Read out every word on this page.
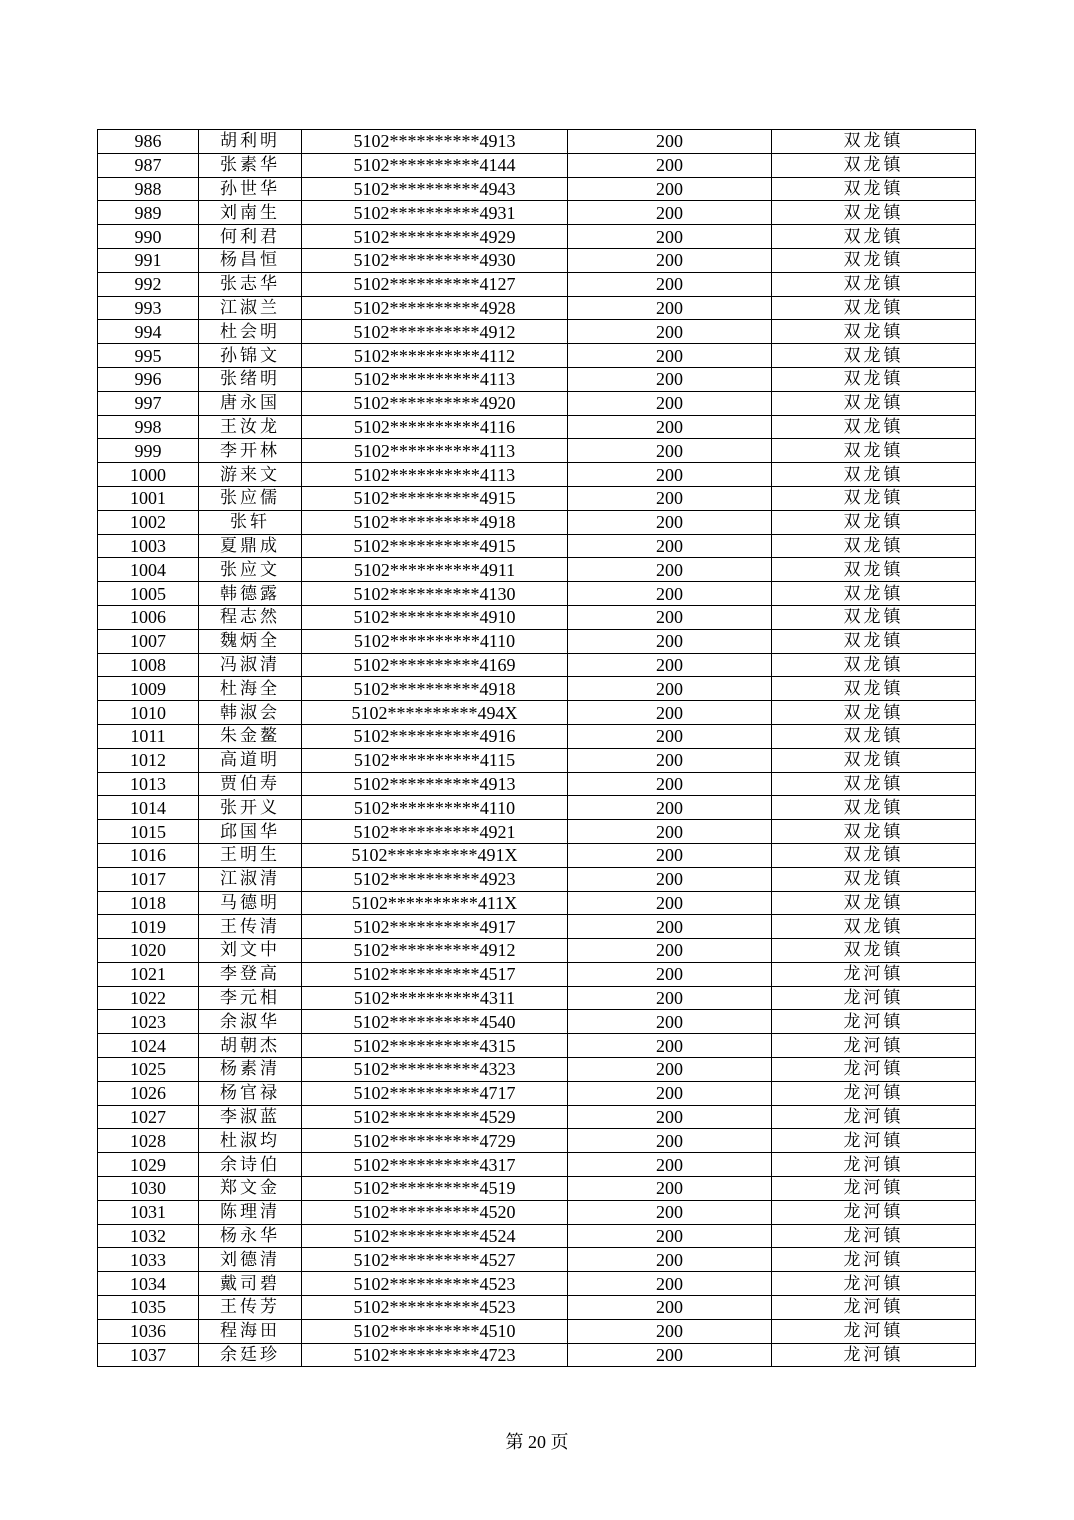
986	胡利明	5102**********4913	200	双龙镇
987	张素华	5102**********4144	200	双龙镇
988	孙世华	5102**********4943	200	双龙镇
989	刘南生	5102**********4931	200	双龙镇
990	何利君	5102**********4929	200	双龙镇
991	杨昌恒	5102**********4930	200	双龙镇
992	张志华	5102**********4127	200	双龙镇
993	江淑兰	5102**********4928	200	双龙镇
994	杜会明	5102**********4912	200	双龙镇
995	孙锦文	5102**********4112	200	双龙镇
996	张绪明	5102**********4113	200	双龙镇
997	唐永国	5102**********4920	200	双龙镇
998	王汝龙	5102**********4116	200	双龙镇
999	李开林	5102**********4113	200	双龙镇
1000	游来文	5102**********4113	200	双龙镇
1001	张应儒	5102**********4915	200	双龙镇
1002	张轩	5102**********4918	200	双龙镇
1003	夏鼎成	5102**********4915	200	双龙镇
1004	张应文	5102**********4911	200	双龙镇
1005	韩德露	5102**********4130	200	双龙镇
1006	程志然	5102**********4910	200	双龙镇
1007	魏炳全	5102**********4110	200	双龙镇
1008	冯淑清	5102**********4169	200	双龙镇
1009	杜海全	5102**********4918	200	双龙镇
1010	韩淑会	5102**********494X	200	双龙镇
1011	朱金鳌	5102**********4916	200	双龙镇
1012	高道明	5102**********4115	200	双龙镇
1013	贾伯寿	5102**********4913	200	双龙镇
1014	张开义	5102**********4110	200	双龙镇
1015	邱国华	5102**********4921	200	双龙镇
1016	王明生	5102**********491X	200	双龙镇
1017	江淑清	5102**********4923	200	双龙镇
1018	马德明	5102**********411X	200	双龙镇
1019	王传清	5102**********4917	200	双龙镇
1020	刘文中	5102**********4912	200	双龙镇
1021	李登高	5102**********4517	200	龙河镇
1022	李元相	5102**********4311	200	龙河镇
1023	余淑华	5102**********4540	200	龙河镇
1024	胡朝杰	5102**********4315	200	龙河镇
1025	杨素清	5102**********4323	200	龙河镇
1026	杨官禄	5102**********4717	200	龙河镇
1027	李淑蓝	5102**********4529	200	龙河镇
1028	杜淑均	5102**********4729	200	龙河镇
1029	余诗伯	5102**********4317	200	龙河镇
1030	郑文金	5102**********4519	200	龙河镇
1031	陈理清	5102**********4520	200	龙河镇
1032	杨永华	5102**********4524	200	龙河镇
1033	刘德清	5102**********4527	200	龙河镇
1034	戴司碧	5102**********4523	200	龙河镇
1035	王传芳	5102**********4523	200	龙河镇
1036	程海田	5102**********4510	200	龙河镇
1037	余廷珍	5102**********4723	200	龙河镇
第 20 页
